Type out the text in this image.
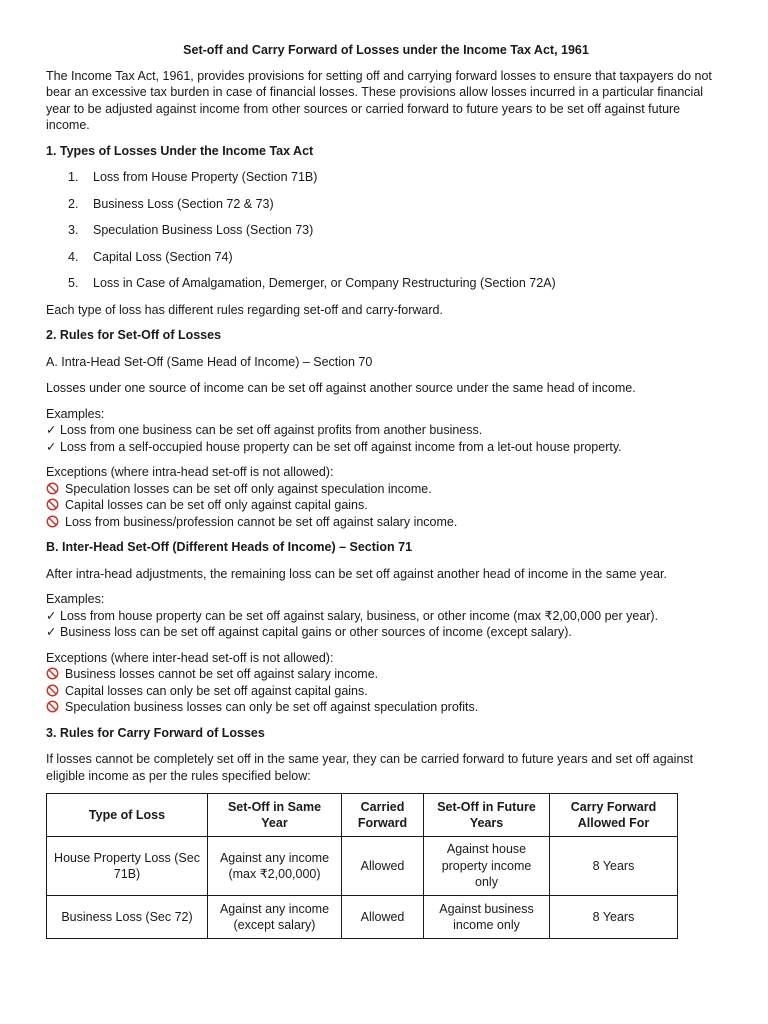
Set-off and Carry Forward of Losses under the Income Tax Act, 1961

The Income Tax Act, 1961, provides provisions for setting off and carrying forward losses to ensure that taxpayers do not bear an excessive tax burden in case of financial losses. These provisions allow losses incurred in a particular financial year to be adjusted against income from other sources or carried forward to future years to be set off against future income.

1. Types of Losses Under the Income Tax Act
1.	Loss from House Property (Section 71B)
2.	Business Loss (Section 72 & 73)
3.	Speculation Business Loss (Section 73)
4.	Capital Loss (Section 74)
5.	Loss in Case of Amalgamation, Demerger, or Company Restructuring (Section 72A)

Each type of loss has different rules regarding set-off and carry-forward.

2. Rules for Set-Off of Losses
A. Intra-Head Set-Off (Same Head of Income) – Section 70

Losses under one source of income can be set off against another source under the same head of income.

Examples:
✓ Loss from one business can be set off against profits from another business.
✓ Loss from a self-occupied house property can be set off against income from a let-out house property.
Exceptions (where intra-head set-off is not allowed):
Speculation losses can be set off only against speculation income.
Capital losses can be set off only against capital gains.
Loss from business/profession cannot be set off against salary income.
B. Inter-Head Set-Off (Different Heads of Income) – Section 71

After intra-head adjustments, the remaining loss can be set off against another head of income in the same year.

Examples:
✓ Loss from house property can be set off against salary, business, or other income (max ₹2,00,000 per year).
✓ Business loss can be set off against capital gains or other sources of income (except salary).
Exceptions (where inter-head set-off is not allowed):
Business losses cannot be set off against salary income.
Capital losses can only be set off against capital gains.
Speculation business losses can only be set off against speculation profits.
3. Rules for Carry Forward of Losses

If losses cannot be completely set off in the same year, they can be carried forward to future years and set off against eligible income as per the rules specified below:

Type of Loss	Set-Off in Same Year	Carried Forward	Set-Off in Future Years	Carry Forward Allowed For
House Property Loss (Sec 71B)	Against any income (max ₹2,00,000)	Allowed	Against house property income only	8 Years
Business Loss (Sec 72)	Against any income (except salary)	Allowed	Against business income only	8 Years
